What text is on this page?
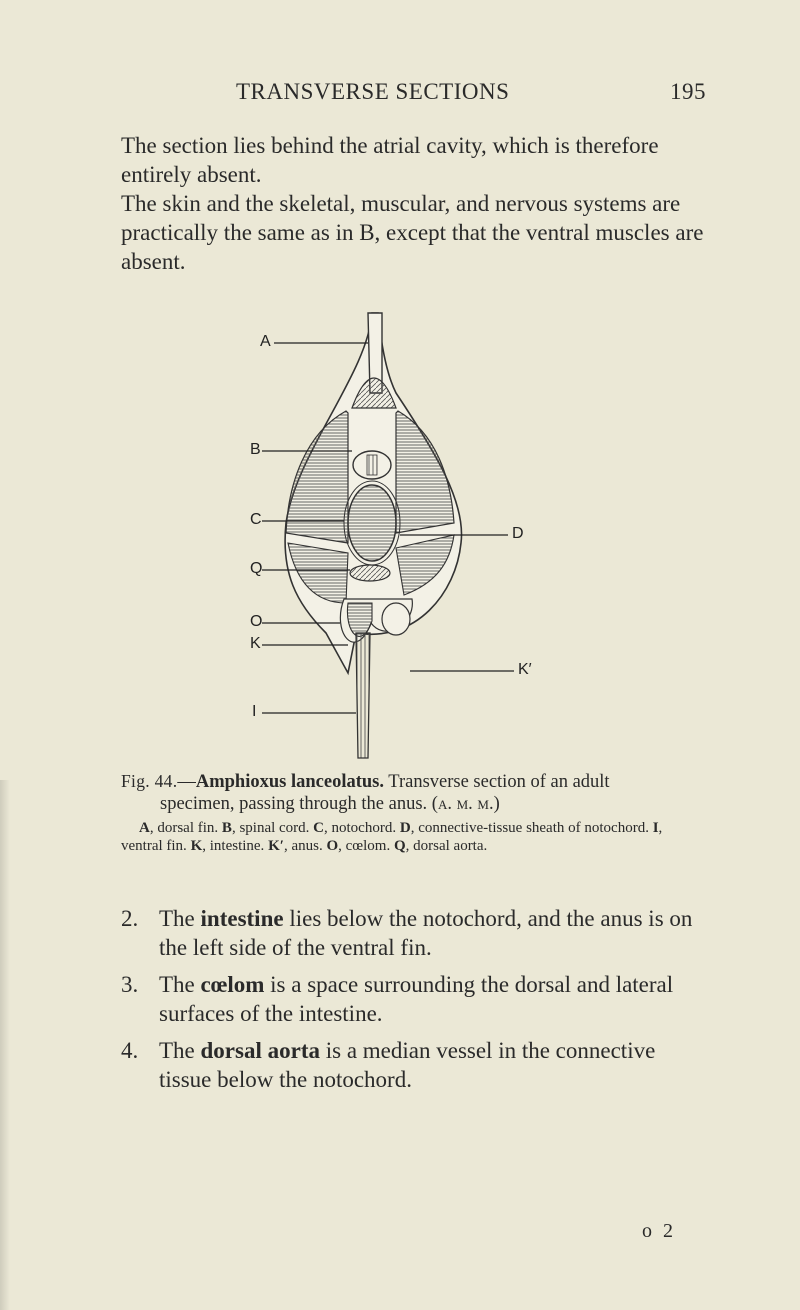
TRANSVERSE SECTIONS	195

The section lies behind the atrial cavity, which is therefore entirely absent.

The skin and the skeletal, muscular, and nervous systems are practically the same as in B, except that the ventral muscles are absent.

A
B
C
Q
O
K
I
D
K′
Fig. 44.—Amphioxus lanceolatus. Transverse section of an adult
specimen, passing through the anus. (a. m. m.)
A, dorsal fin. B, spinal cord. C, notochord. D, connective-tissue sheath of notochord. I, ventral fin. K, intestine. K′, anus. O, cœlom. Q, dorsal aorta.
2. The intestine lies below the notochord, and the anus is on the left side of the ventral fin.
3. The cœlom is a space surrounding the dorsal and lateral surfaces of the intestine.
4. The dorsal aorta is a median vessel in the connective tissue below the notochord.
o 2
